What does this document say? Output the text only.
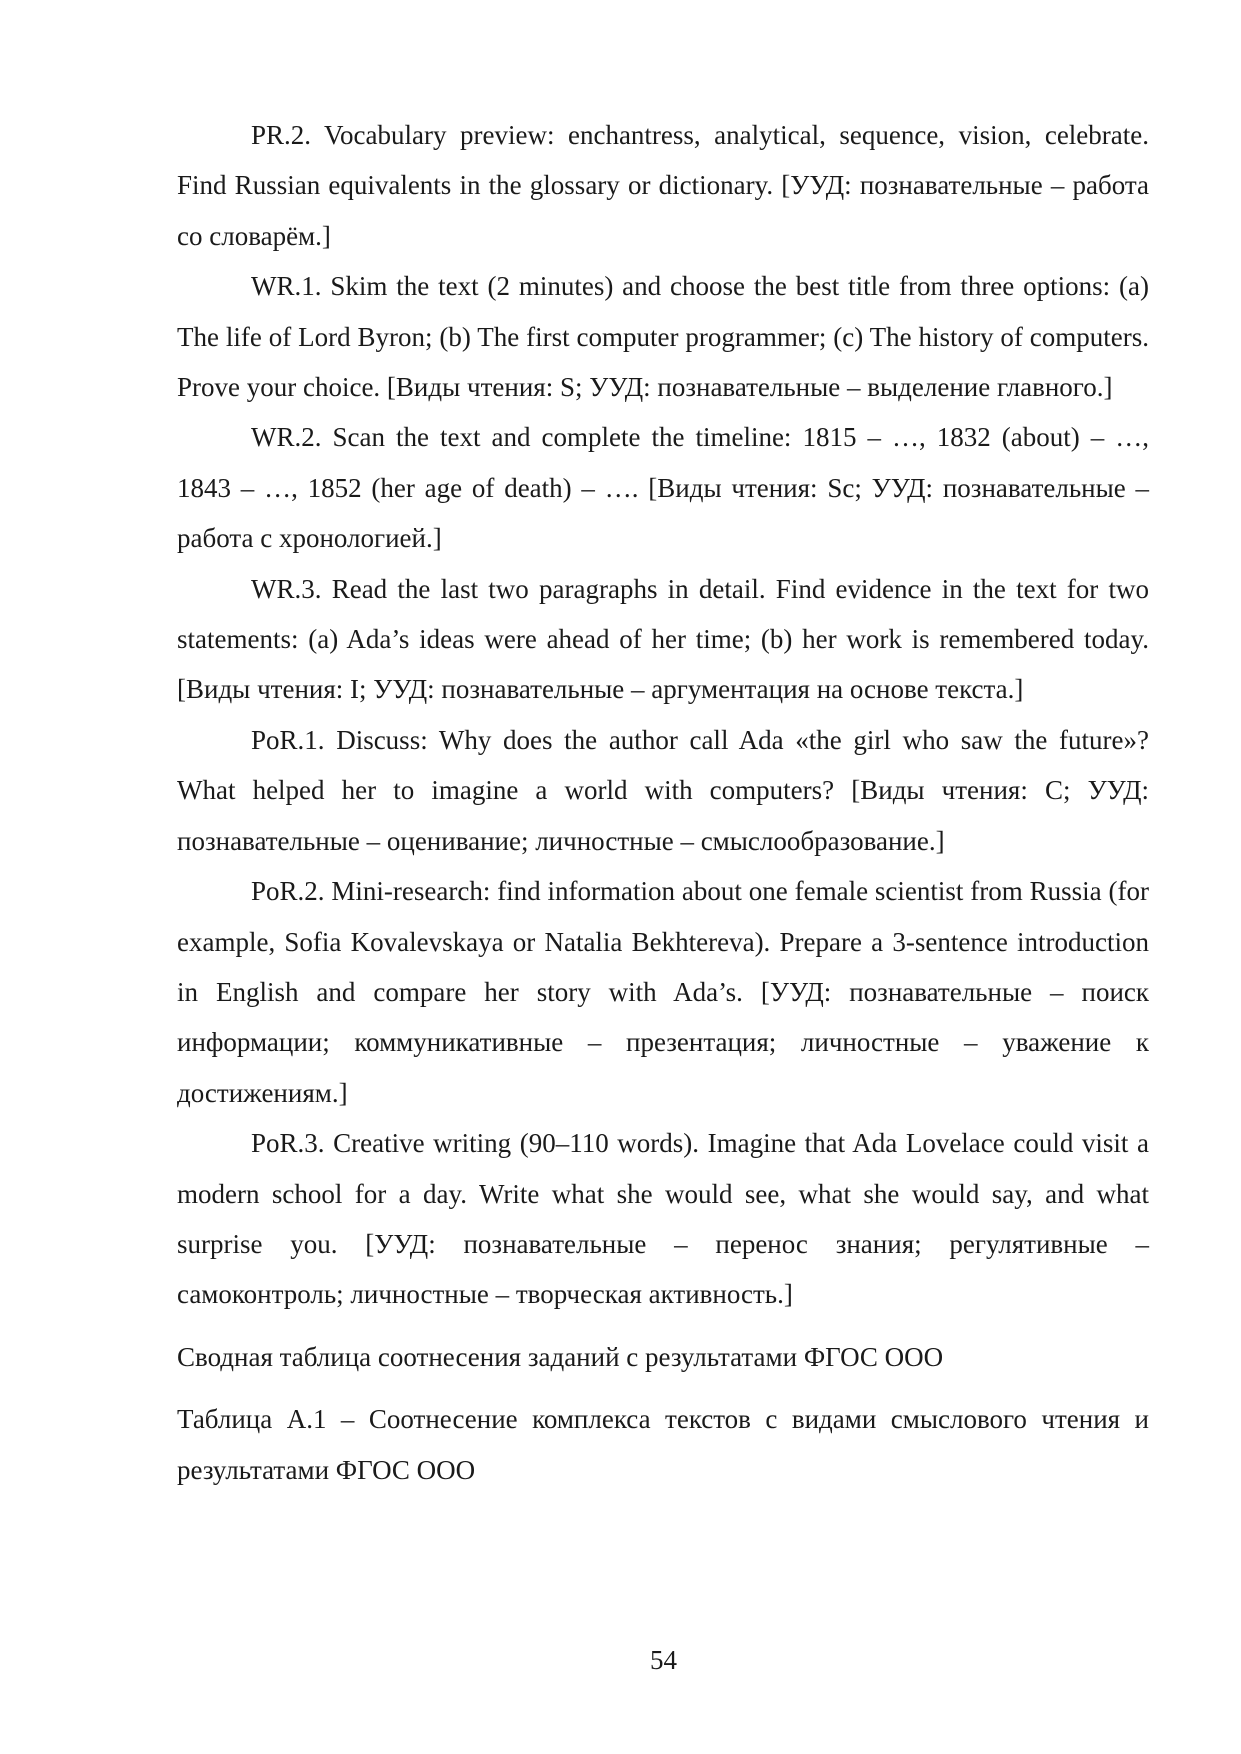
PR.2. Vocabulary preview: enchantress, analytical, sequence, vision, celebrate. Find Russian equivalents in the glossary or dictionary. [УУД: познавательные – работа со словарём.]

WR.1. Skim the text (2 minutes) and choose the best title from three options: (a) The life of Lord Byron; (b) The first computer programmer; (c) The history of computers. Prove your choice. [Виды чтения: S; УУД: познавательные – выделение главного.]

WR.2. Scan the text and complete the timeline: 1815 – …, 1832 (about) – …, 1843 – …, 1852 (her age of death) – …. [Виды чтения: Sc; УУД: познавательные – работа с хронологией.]

WR.3. Read the last two paragraphs in detail. Find evidence in the text for two statements: (a) Ada’s ideas were ahead of her time; (b) her work is remembered today. [Виды чтения: I; УУД: познавательные – аргументация на основе текста.]

PoR.1. Discuss: Why does the author call Ada «the girl who saw the future»? What helped her to imagine a world with computers? [Виды чтения: C; УУД: познавательные – оценивание; личностные – смыслообразование.]

PoR.2. Mini-research: find information about one female scientist from Russia (for example, Sofia Kovalevskaya or Natalia Bekhtereva). Prepare a 3-sentence introduction in English and compare her story with Ada’s. [УУД: познавательные – поиск информации; коммуникативные – презентация; личностные – уважение к достижениям.]

PoR.3. Creative writing (90–110 words). Imagine that Ada Lovelace could visit a modern school for a day. Write what she would see, what she would say, and what surprise you. [УУД: познавательные – перенос знания; регулятивные – самоконтроль; личностные – творческая активность.]

Сводная таблица соотнесения заданий с результатами ФГОС ООО

Таблица А.1 – Соотнесение комплекса текстов с видами смыслового чтения и результатами ФГОС ООО

54
